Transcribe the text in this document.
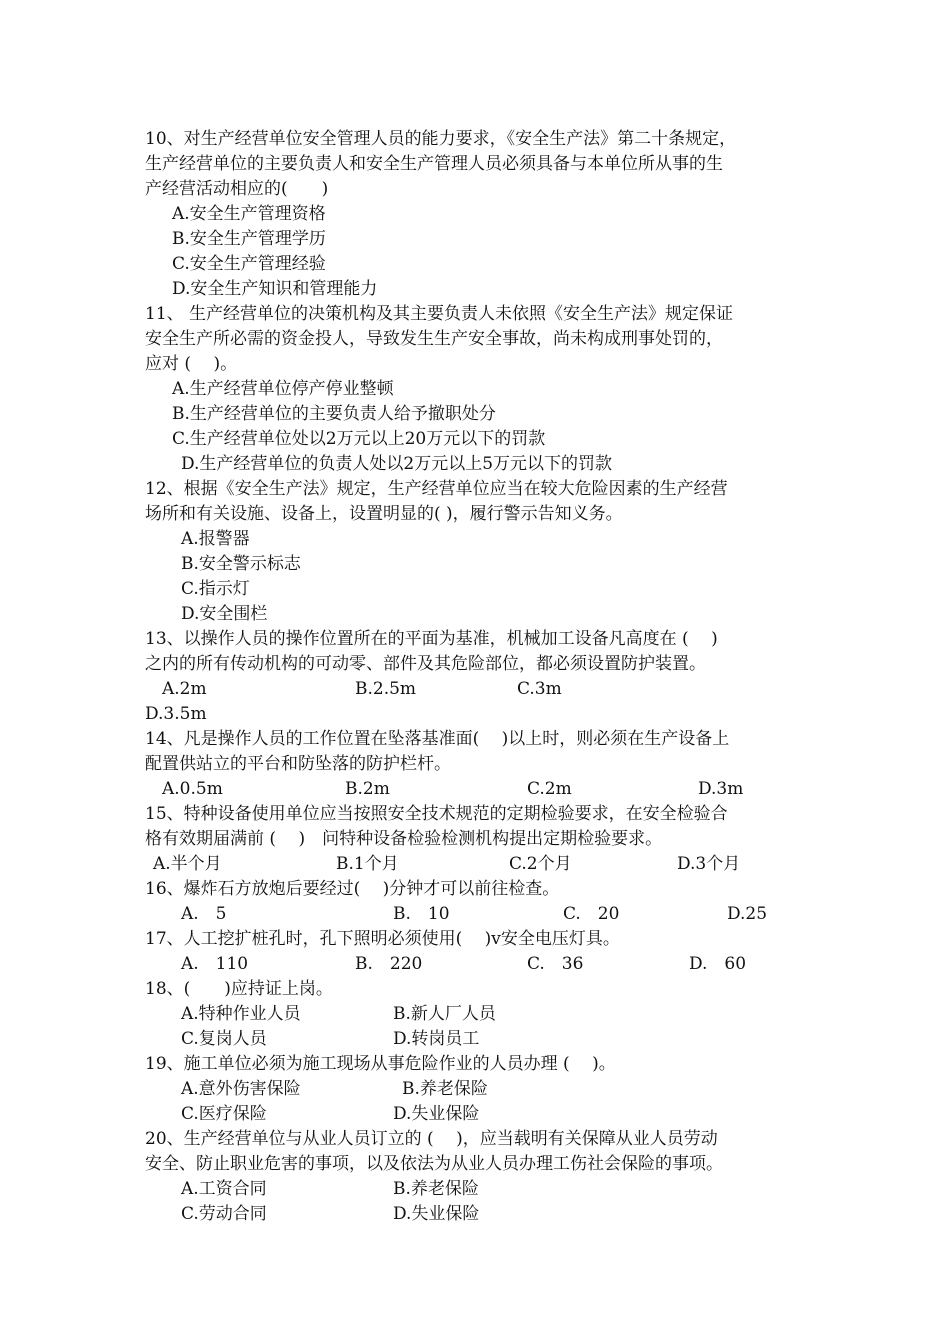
10、对生产经营单位安全管理人员的能力要求，《安全生产法》第二十条规定，
生产经营单位的主要负责人和安全生产管理人员必须具备与本单位所从事的生
产经营活动相应的(　　)
A.安全生产管理资格
B.安全生产管理学历
C.安全生产管理经验
D.安全生产知识和管理能力
11、 生产经营单位的决策机构及其主要负责人未依照《安全生产法》规定保证
安全生产所必需的资金投人，导致发生生产安全事故，尚未构成刑事处罚的，
应对 (　 )。
A.生产经营单位停产停业整顿
B.生产经营单位的主要负责人给予撤职处分
C.生产经营单位处以2万元以上20万元以下的罚款
D.生产经营单位的负责人处以2万元以上5万元以下的罚款
12、根据《安全生产法》规定，生产经营单位应当在较大危险因素的生产经营
场所和有关设施、设备上，设置明显的( )，履行警示告知义务。
A.报警器
B.安全警示标志
C.指示灯
D.安全围栏
13、以操作人员的操作位置所在的平面为基准，机械加工设备凡高度在 (　 )
之内的所有传动机构的可动零、部件及其危险部位，都必须设置防护装置。
A.2m	B.2.5m	C.3m
D.3.5m
14、凡是操作人员的工作位置在坠落基准面(　 )以上时，则必须在生产设备上
配置供站立的平台和防坠落的防护栏杆。
A.0.5m	B.2m	C.2m	D.3m
15、特种设备使用单位应当按照安全技术规范的定期检验要求，在安全检验合
格有效期届满前 (　 )　问特种设备检验检测机构提出定期检验要求。
A.半个月	B.1个月	C.2个月	D.3个月
16、爆炸石方放炮后要经过(　 )分钟才可以前往检查。
A.　5	B.　10	C.　20	D.25
17、人工挖扩桩孔时，孔下照明必须使用(　 )v安全电压灯具。
A.　110	B.　220	C.　36	D.　60
18、(　　)应持证上岗。
A.特种作业人员	B.新人厂人员
C.复岗人员	D.转岗员工
19、施工单位必须为施工现场从事危险作业的人员办理 (　 )。
A.意外伤害保险	B.养老保险
C.医疗保险	D.失业保险
20、生产经营单位与从业人员订立的 (　 )，应当载明有关保障从业人员劳动
安全、防止职业危害的事项，以及依法为从业人员办理工伤社会保险的事项。
A.工资合同	B.养老保险
C.劳动合同	D.失业保险
